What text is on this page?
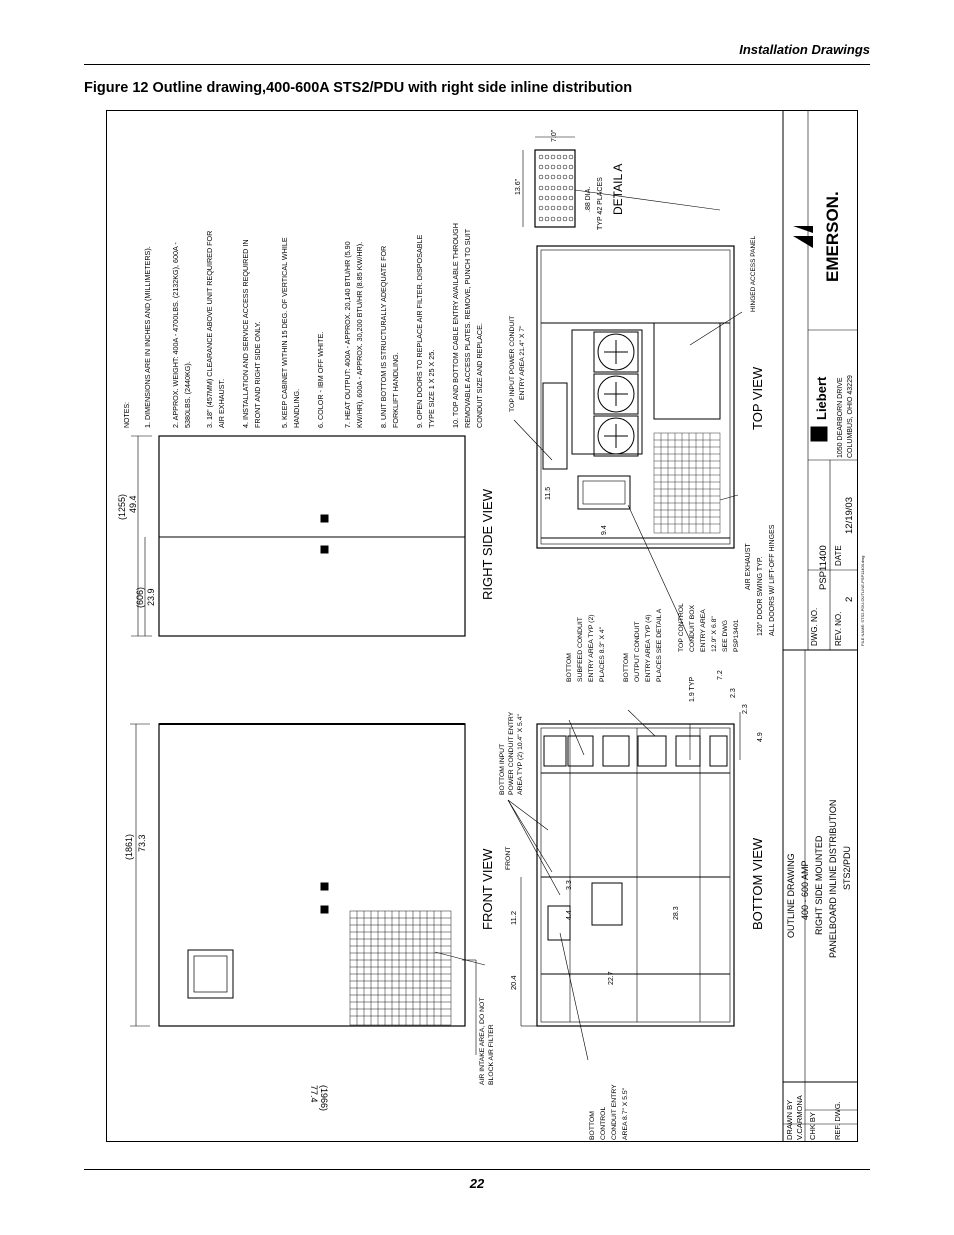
Installation Drawings
Figure 12 Outline drawing,400-600A STS2/PDU with right side inline distribution
NOTES: 1. DIMENSIONS ARE IN INCHES AND (MILLIMETERS).	2. APPROX. WEIGHT: 400A - 4700LBS. (2132KG), 600A - 5380LBS. (2440KG). 3. 18" (457MM) CLEARANCE ABOVE UNIT REQUIRED FOR AIR EXHAUST. 4. INSTALLATION AND SERVICE ACCESS REQUIRED IN FRONT AND RIGHT SIDE ONLY.	5. KEEP CABINET WITHIN 15 DEG. OF VERTICAL WHILE HANDLING. 6. COLOR - IBM OFF WHITE.	7. HEAT OUTPUT: 400A - APPROX. 20,140 BTU/HR (5.90 KW/HR), 600A - APPROX. 30,200 BTU/HR (8.85 KW/HR). 8. UNIT BOTTOM IS STRUCTURALLY ADEQUATE FOR FORKLIFT HANDLING. 9. OPEN DOORS TO REPLACE AIR FILTER. DISPOSABLE TYPE SIZE 1 X 25 X 25. 10. TOP AND BOTTOM CABLE ENTRY AVAILABLE THROUGH REMOVABLE ACCESS PLATES. REMOVE, PUNCH TO SUIT CONDUIT SIZE AND REPLACE.
FRONT VIEW
RIGHT SIDE VIEW
BOTTOM VIEW
TOP VIEW
DETAIL A
(1966)
77.4
(1861) 73.3
(1255) 49.4
(606) 23.9
20.4
11.2	4.4
3.3
22.7
28.3
1.9 TYP
7.2
2.3
2.3
4.9
11.5
9.4
13.6"
7.0"
.88 DIA. TYP 42 PLACES
AIR INTAKE AREA, DO NOT BLOCK AIR FILTER
FRONT
BOTTOM INPUT POWER CONDUIT ENTRY AREA TYP (2) 10.4" X 5.4"
BOTTOM SUBFEED CONDUIT ENTRY AREA TYP (2) PLACES 8.3" X 4"	BOTTOM OUTPUT CONDUIT ENTRY AREA TYP (4) PLACES SEE DETAIL A TOP CONTROL CONDUIT BOX ENTRY AREA 12.9" X 6.8" SEE DWG PSP13401
BOTTOM CONTROL CONDUIT ENTRY AREA 8.7" X 5.5"
TOP INPUT POWER CONDUIT ENTRY AREA 21.4" X 7"
HINGED ACCESS PANEL
AIR EXHAUST 120° DOOR SWING TYP. ALL DOORS W/ LIFT-OFF HINGES
DRAWN BY V.CARMONA CHK BY REF. DWG.
OUTLINE DRAWING 400 - 600 AMP RIGHT SIDE MOUNTED PANELBOARD INLINE DISTRIBUTION STS2/PDU
DWG. NO.
PSP11400
REV. NO.
2
DATE
12/19/03
FILE NAME: STS2-PDU-OUTLINE-PSP11400.dwg
Liebert 1050 DEARBORN DRIVE COLUMBUS, OHIO 43229
EMERSON.
22
